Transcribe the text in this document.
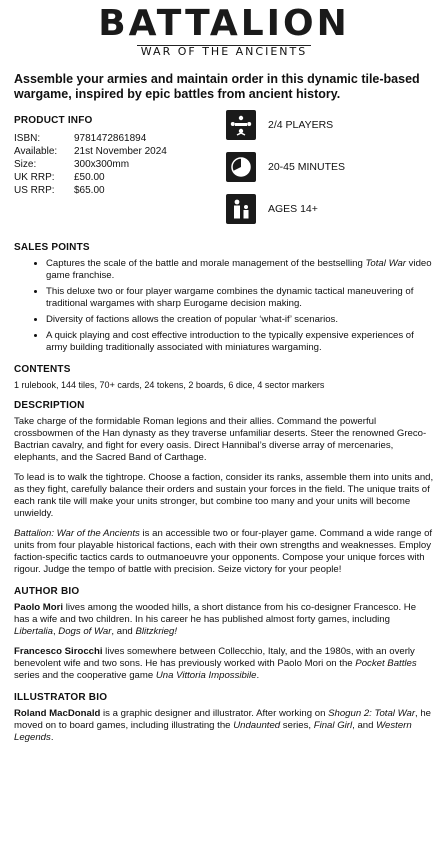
BATTALION
WAR OF THE ANCIENTS
Assemble your armies and maintain order in this dynamic tile-based wargame, inspired by epic battles from ancient history.
PRODUCT INFO
ISBN:	9781472861894
Available:	21st November 2024
Size:	300x300mm
UK RRP:	£50.00
US RRP:	$65.00
2/4 PLAYERS
20-45 MINUTES
AGES 14+
SALES POINTS
• Captures the scale of the battle and morale management of the bestselling Total War video game franchise.
• This deluxe two or four player wargame combines the dynamic tactical maneuvering of traditional wargames with sharp Eurogame decision making.
• Diversity of factions allows the creation of popular ‘what-if’ scenarios.
• A quick playing and cost effective introduction to the typically expensive experiences of army building traditionally associated with miniatures wargaming.
CONTENTS
1 rulebook, 144 tiles, 70+ cards, 24 tokens, 2 boards, 6 dice, 4 sector markers
DESCRIPTION

Take charge of the formidable Roman legions and their allies. Command the powerful crossbowmen of the Han dynasty as they traverse unfamiliar deserts. Steer the renowned Greco-Bactrian cavalry, and fight for every oasis. Direct Hannibal’s diverse array of mercenaries, elephants, and the Sacred Band of Carthage.

To lead is to walk the tightrope. Choose a faction, consider its ranks, assemble them into units and, as they fight, carefully balance their orders and sustain your forces in the field. The unique traits of each rank tile will make your units stronger, but combine too many and your units will become unwieldy.

Battalion: War of the Ancients is an accessible two or four-player game. Command a wide range of units from four playable historical factions, each with their own strengths and weaknesses. Employ faction-specific tactics cards to outmanoeuvre your opponents. Compose your unique forces with rigour. Judge the tempo of battle with precision. Seize victory for your people!

AUTHOR BIO

Paolo Mori lives among the wooded hills, a short distance from his co-designer Francesco. He has a wife and two children. In his career he has published almost forty games, including Libertalia, Dogs of War, and Blitzkrieg!

Francesco Sirocchi lives somewhere between Collecchio, Italy, and the 1980s, with an overly benevolent wife and two sons. He has previously worked with Paolo Mori on the Pocket Battles series and the cooperative game Una Vittoria Impossibile.

ILLUSTRATOR BIO

Roland MacDonald is a graphic designer and illustrator. After working on Shogun 2: Total War, he moved on to board games, including illustrating the Undaunted series, Final Girl, and Western Legends.
